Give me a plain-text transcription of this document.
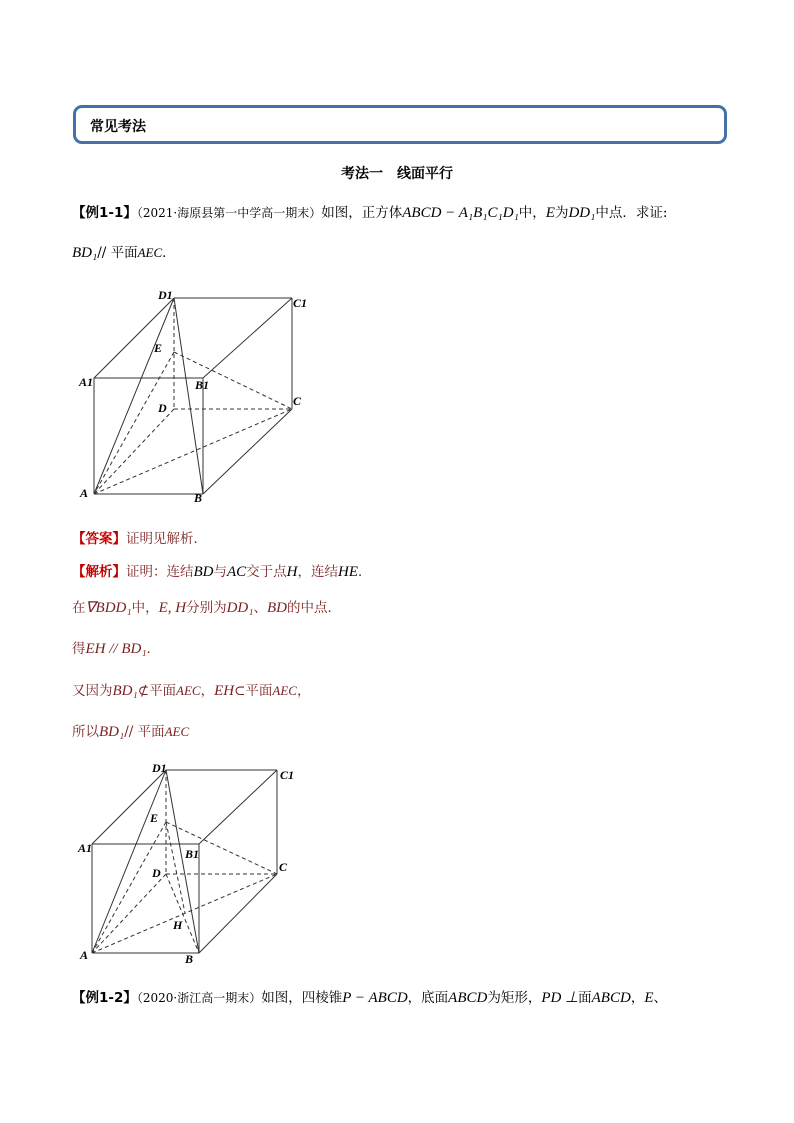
常见考法
考法一　线面平行
【例1-1】（2021·海原县第一中学高一期末）如图，正方体ABCD − A₁B₁C₁D₁中，E为DD₁中点．求证:
BD₁// 平面AEC．
D1
C1
E
A1	B1
D	C
A	B
【答案】证明见解析．
【解析】证明：连结BD与AC交于点H，连结HE．
在∇BDD₁中，E, H分别为DD₁、BD的中点．
得EH // BD₁．
又因为BD₁⊄平面AEC，EH⊂平面AEC，
所以BD₁// 平面AEC
D1	C1
E
A1	B1
D	C
H
A	B
【例1-2】（2020·浙江高一期末）如图，四棱锥P − ABCD，底面ABCD为矩形，PD ⊥面ABCD，E、
